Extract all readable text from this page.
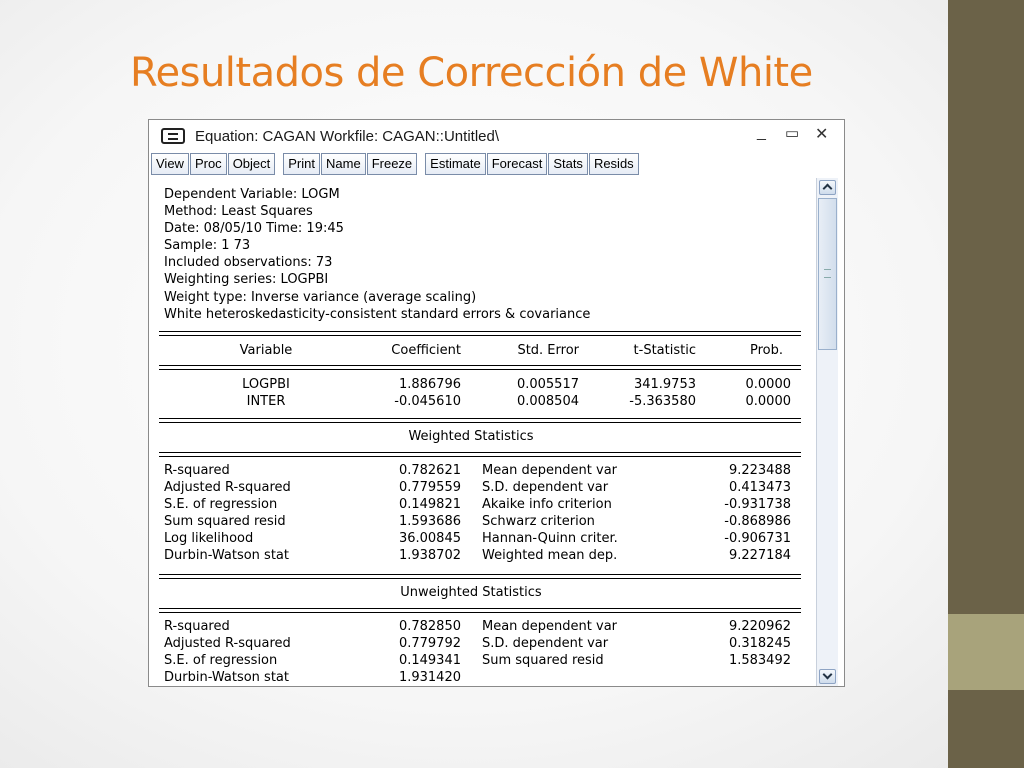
Resultados de Corrección de White
Equation: CAGAN Workfile: CAGAN::Untitled\	_ ▭ ✕
View Proc Object	Print Name Freeze	Estimate Forecast Stats Resids
Dependent Variable: LOGM
Method: Least Squares
Date: 08/05/10 Time: 19:45
Sample: 1 73
Included observations: 73
Weighting series: LOGPBI
Weight type: Inverse variance (average scaling)
White heteroskedasticity-consistent standard errors & covariance
Variable	Coefficient	Std. Error	t-Statistic	Prob.
LOGPBI	1.886796	0.005517	341.9753	0.0000
INTER	-0.045610	0.008504	-5.363580	0.0000
Weighted Statistics
R-squared	0.782621 Mean dependent var	9.223488
Adjusted R-squared	0.779559 S.D. dependent var	0.413473
S.E. of regression	0.149821 Akaike info criterion	-0.931738
Sum squared resid	1.593686 Schwarz criterion	-0.868986
Log likelihood	36.00845 Hannan-Quinn criter.	-0.906731
Durbin-Watson stat	1.938702 Weighted mean dep.	9.227184
Unweighted Statistics
R-squared	0.782850 Mean dependent var	9.220962
Adjusted R-squared	0.779792 S.D. dependent var	0.318245
S.E. of regression	0.149341 Sum squared resid	1.583492
Durbin-Watson stat	1.931420
